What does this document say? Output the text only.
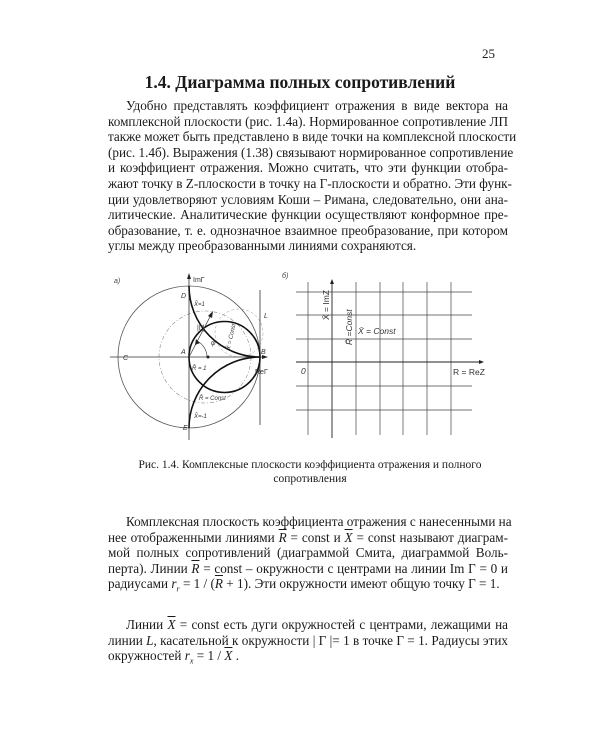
25
1.4. Диаграмма полных сопротивлений
Удобно представлять коэффициент отражения в виде вектора на
комплексной плоскости (рис. 1.4а). Нормированное сопротивление ЛП
также может быть представлено в виде точки на комплексной плоскости
(рис. 1.4б). Выражения (1.38) связывают нормированное сопротивление
и коэффициент отражения. Можно считать, что эти функции отобра-
жают точку в Z-плоскости в точку на Г-плоскости и обратно. Эти функ-
ции удовлетворяют условиям Коши – Римана, следовательно, они ана-
литические. Аналитические функции осуществляют конформное пре-
образование, т. е. однозначное взаимное преобразование, при котором
углы между преобразованными линиями сохраняются.
а)	ImΓ
ReΓ
D
A	B
C
E
L
X̄=1
X̄=-1
R̄ = 1
R̄ = Const
X̄ = Const
|Γ|
φ
б)
0	R = ReZ
X̄ = ImZ
R̄ =Const X̄ = Const
Рис. 1.4. Комплексные плоскости коэффициента отражения и полного
сопротивления
Комплексная плоскость коэффициента отражения с нанесенными на
нее отображенными линиями $\overline{R}$ = const и $\overline{X}$ = const называют диаграм-
мой полных сопротивлений (диаграммой Смита, диаграммой Воль-
перта). Линии $\overline{R}$ = const – окружности с центрами на линии Im Γ = 0 и
радиусами $r_r = 1 / (\overline{R} + 1)$. Эти окружности имеют общую точку Γ = 1.
Линии $\overline{X}$ = const есть дуги окружностей с центрами, лежащими на
линии L, касательной к окружности | Γ |= 1 в точке Γ = 1. Радиусы этих
окружностей $r_x = 1 / \overline{X}$ .
